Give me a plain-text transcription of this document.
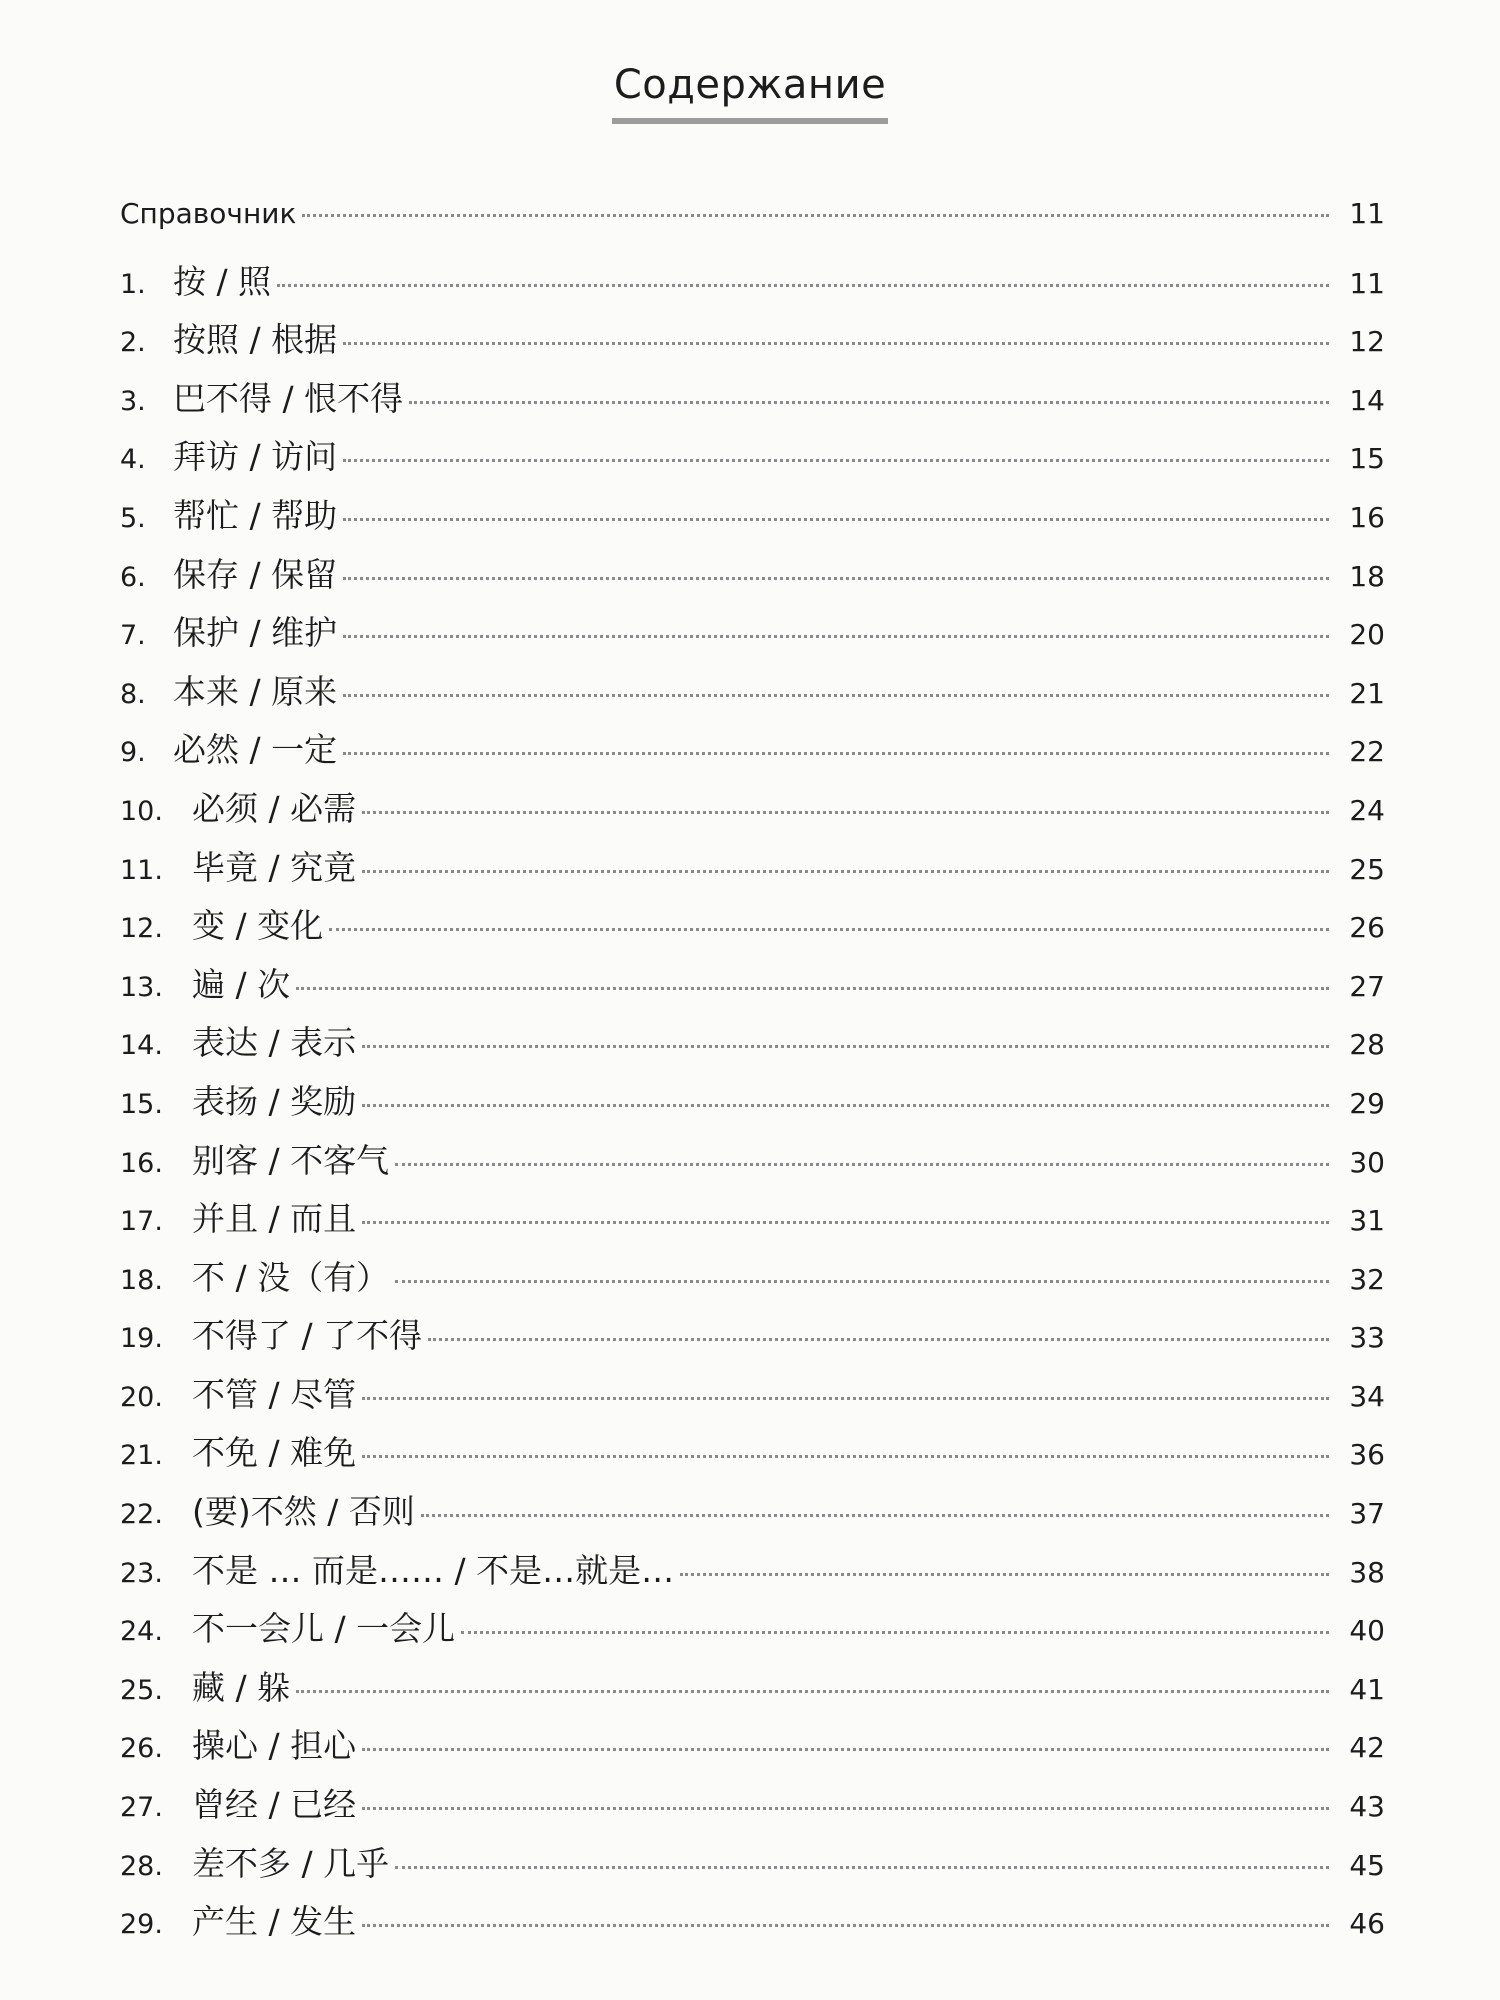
Содержание
Справочник	11
1. 按 / 照	11
2. 按照 / 根据	12
3. 巴不得 / 恨不得	14
4. 拜访 / 访问	15
5. 帮忙 / 帮助	16
6. 保存 / 保留	18
7. 保护 / 维护	20
8. 本来 / 原来	21
9. 必然 / 一定	22
10. 必须 / 必需	24
11. 毕竟 / 究竟	25
12. 变 / 变化	26
13. 遍 / 次	27
14. 表达 / 表示	28
15. 表扬 / 奖励	29
16. 别客 / 不客气	30
17. 并且 / 而且	31
18. 不 / 没（有）	32
19. 不得了 / 了不得	33
20. 不管 / 尽管	34
21. 不免 / 难免	36
22. (要)不然 / 否则	37
23. 不是 … 而是…… / 不是…就是…	38
24. 不一会儿 / 一会儿	40
25. 藏 / 躲	41
26. 操心 / 担心	42
27. 曾经 / 已经	43
28. 差不多 / 几乎	45
29. 产生 / 发生	46
